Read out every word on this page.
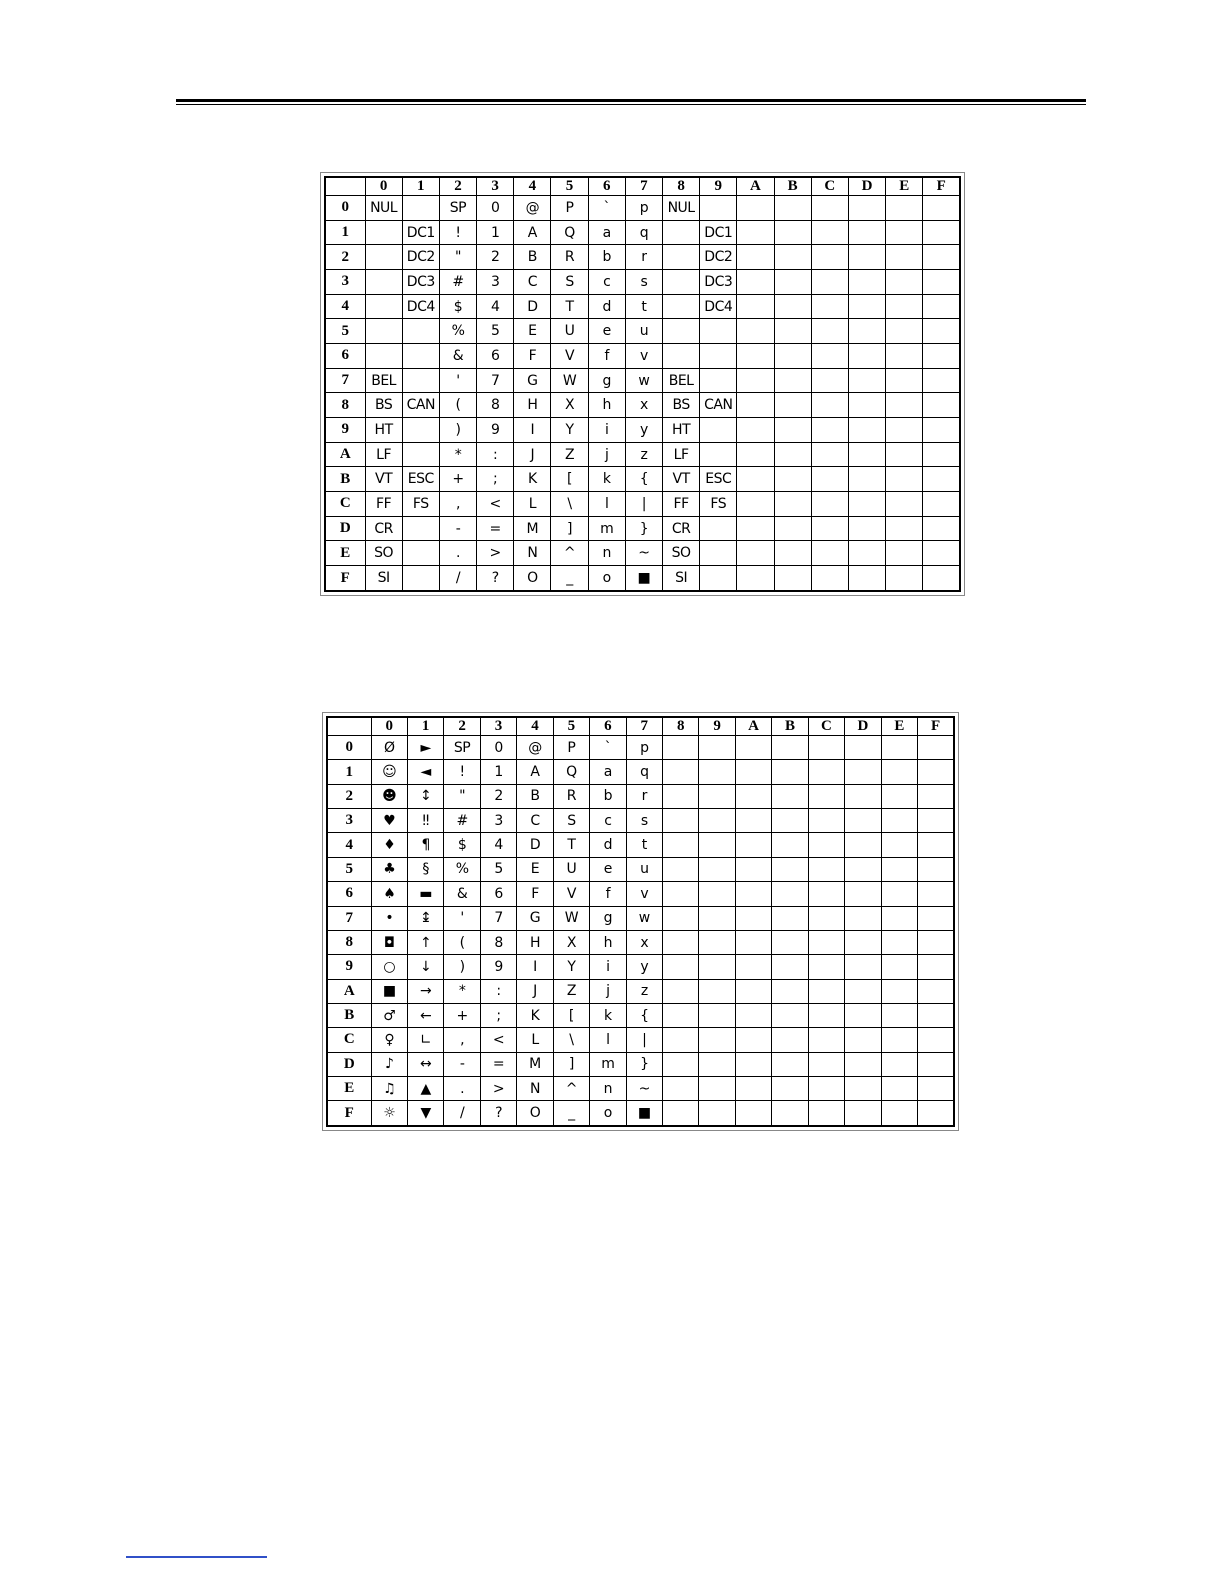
	0	1	2	3	4	5	6	7	8	9	A	B	C	D	E	F
0	NUL		SP	0	@	P	`	p	NUL							
1		DC1	!	1	A	Q	a	q		DC1						
2		DC2	"	2	B	R	b	r		DC2						
3		DC3	#	3	C	S	c	s		DC3						
4		DC4	$	4	D	T	d	t		DC4						
5			%	5	E	U	e	u								
6			&	6	F	V	f	v								
7	BEL		'	7	G	W	g	w	BEL							
8	BS	CAN	(	8	H	X	h	x	BS	CAN						
9	HT		)	9	I	Y	i	y	HT							
A	LF		*	:	J	Z	j	z	LF							
B	VT	ESC	+	;	K	[	k	{	VT	ESC						
C	FF	FS	,	<	L	\	l	|	FF	FS						
D	CR		-	=	M	]	m	}	CR							
E	SO		.	>	N	^	n	~	SO							
F	SI		/	?	O	_	o	■	SI							
	0	1	2	3	4	5	6	7	8	9	A	B	C	D	E	F
0	Ø	►	SP	0	@	P	`	p								
1	☺	◄	!	1	A	Q	a	q								
2	☻	↕	"	2	B	R	b	r								
3	♥	‼	#	3	C	S	c	s								
4	♦	¶	$	4	D	T	d	t								
5	♣	§	%	5	E	U	e	u								
6	♠	▬	&	6	F	V	f	v								
7	•	↨	'	7	G	W	g	w								
8	◘	↑	(	8	H	X	h	x								
9	○	↓	)	9	I	Y	i	y								
A	■	→	*	:	J	Z	j	z								
B	♂	←	+	;	K	[	k	{								
C	♀	∟	,	<	L	\	l	|								
D	♪	↔	-	=	M	]	m	}								
E	♫	▲	.	>	N	^	n	~								
F	☼	▼	/	?	O	_	o	■								
